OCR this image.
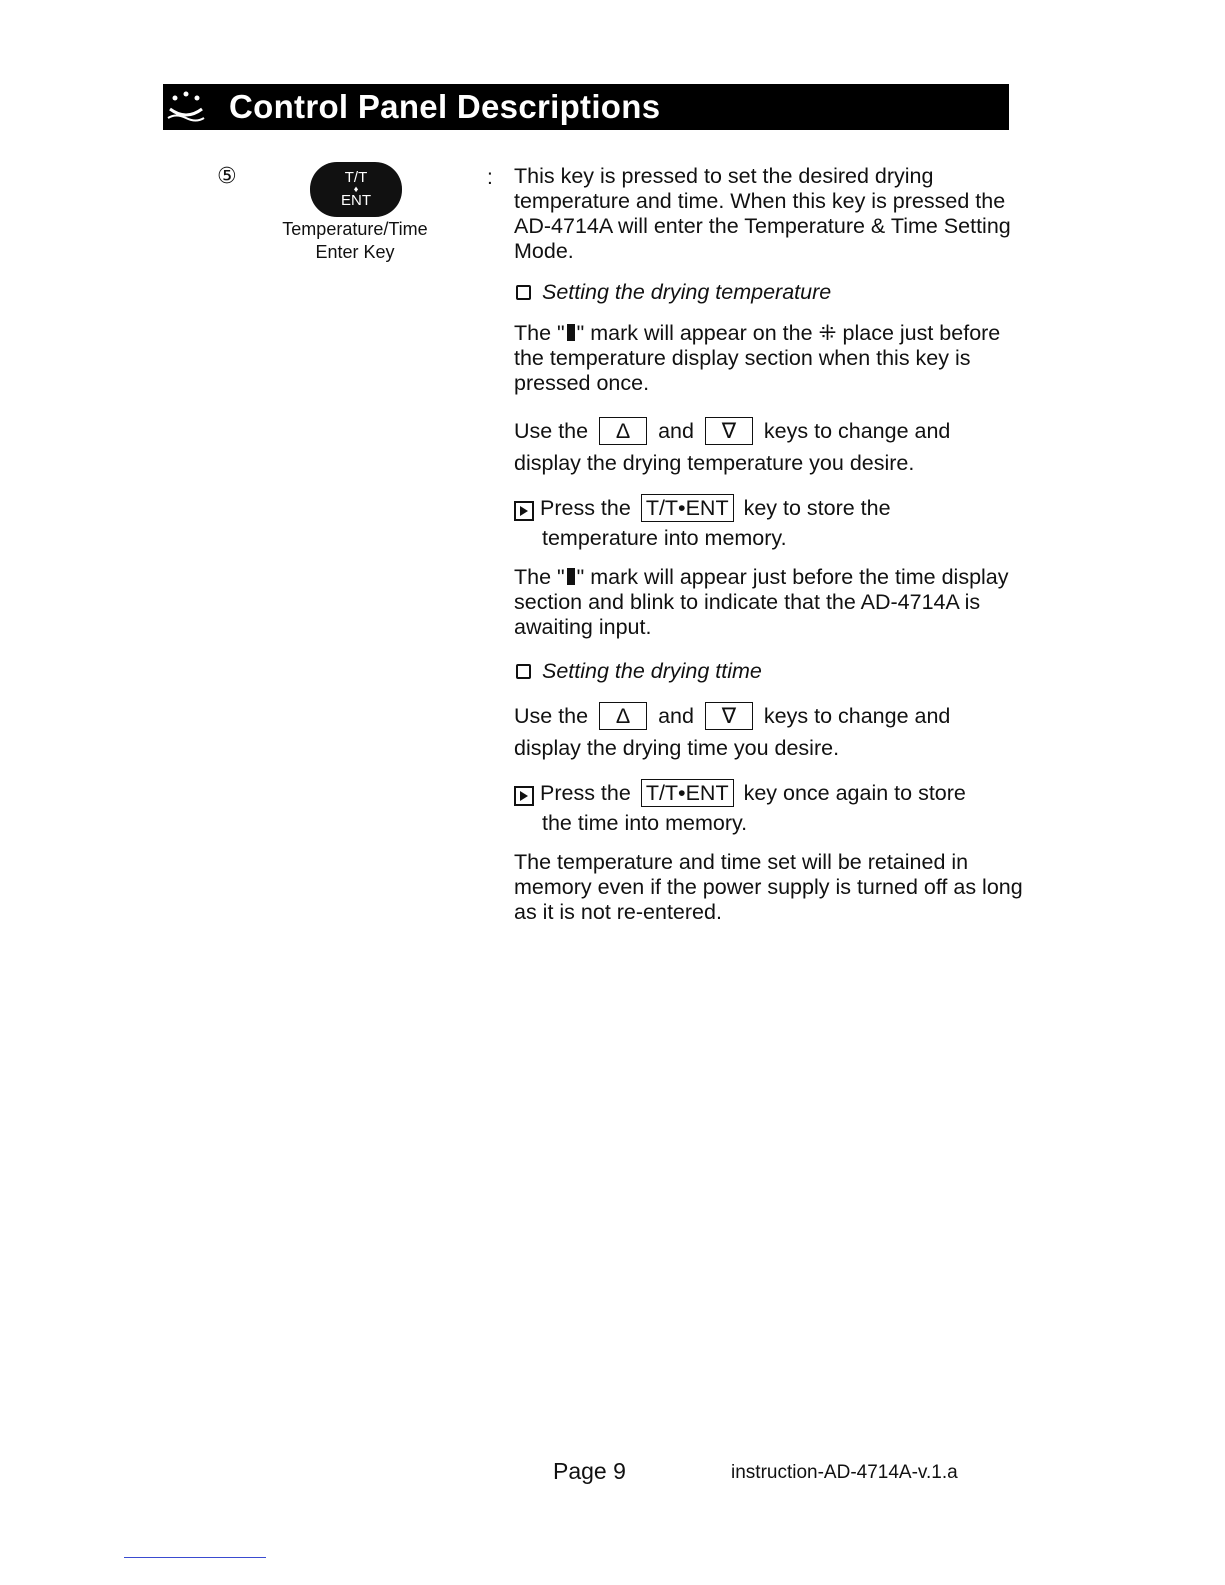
Control Panel Descriptions
⑤	T/T
♦
ENT
Temperature/Time
Enter Key
: This key is pressed to set the desired drying temperature and time. When this key is pressed the AD-4714A will enter the Temperature & Time Setting Mode.

Setting the drying temperature

The " " mark will appear on the ⁜ place just before the temperature display section when this key is pressed once.

Use the Δ and ∇ keys to change and
display the drying temperature you desire.

Press the T/T•ENT key to store the
temperature into memory.

The " " mark will appear just before the time display section and blink to indicate that the AD-4714A is awaiting input.

Setting the drying ttime

Use the Δ and ∇ keys to change and
display the drying time you desire.

Press the T/T•ENT key once again to store
the time into memory.

The temperature and time set will be retained in memory even if the power supply is turned off as long as it is not re-entered.

Page 9	instruction-AD-4714A-v.1.a
